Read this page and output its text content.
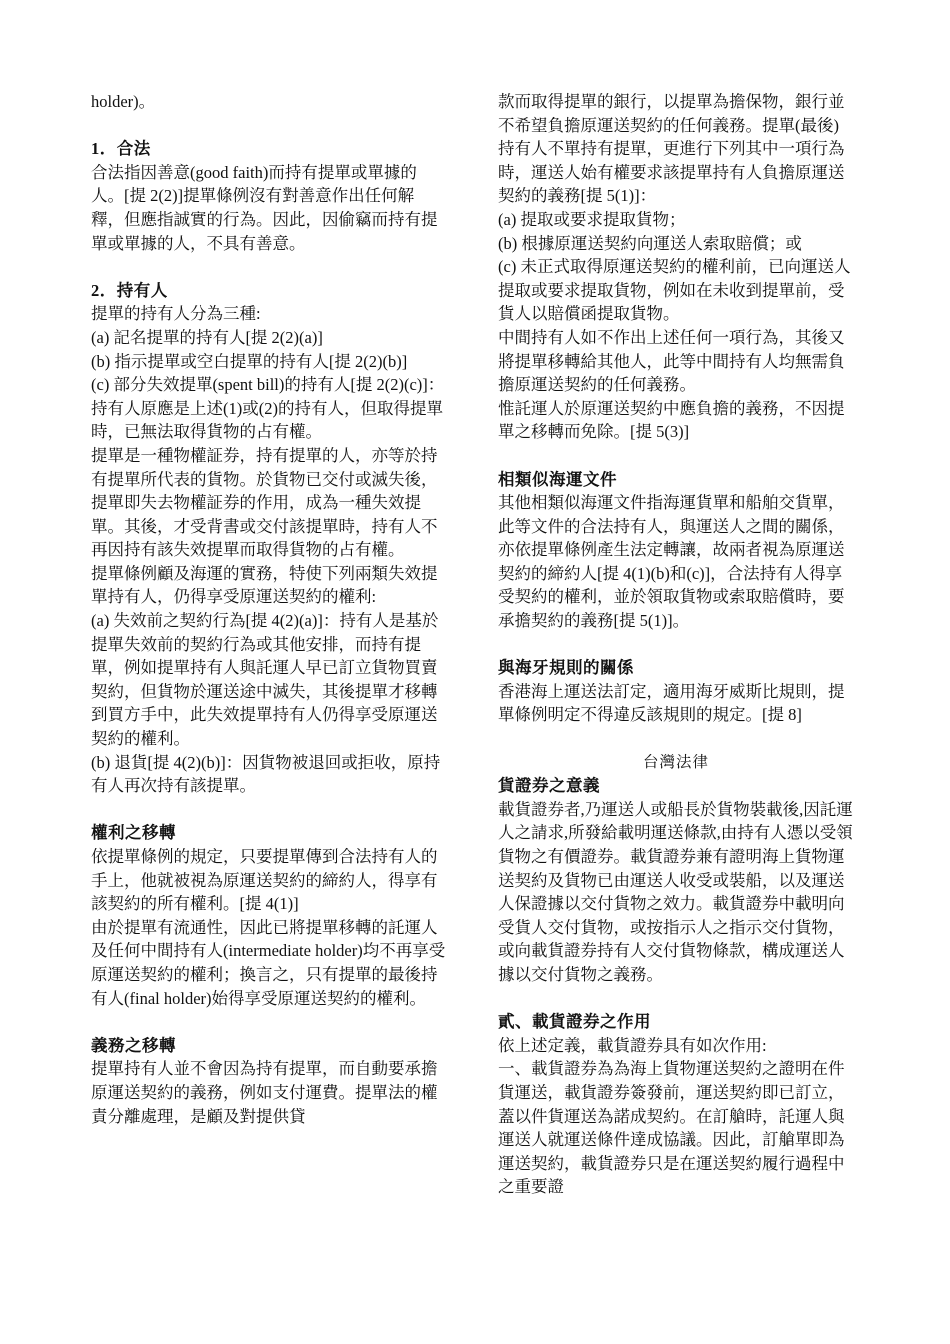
holder)。

1．合法

合法指因善意(good faith)而持有提單或單據的人。[提 2(2)]提單條例沒有對善意作出任何解釋，但應指誠實的行為。因此，因偷竊而持有提單或單據的人，不具有善意。

2．持有人

提單的持有人分為三種:

(a) 記名提單的持有人[提 2(2)(a)]

(b) 指示提單或空白提單的持有人[提 2(2)(b)]

(c) 部分失效提單(spent bill)的持有人[提 2(2)(c)]：持有人原應是上述(1)或(2)的持有人，但取得提單時，已無法取得貨物的占有權。

提單是一種物權証券，持有提單的人，亦等於持有提單所代表的貨物。於貨物已交付或滅失後，提單即失去物權証券的作用，成為一種失效提單。其後，才受背書或交付該提單時，持有人不再因持有該失效提單而取得貨物的占有權。

提單條例顧及海運的實務，特使下列兩類失效提單持有人，仍得享受原運送契約的權利:

(a) 失效前之契約行為[提 4(2)(a)]：持有人是基於提單失效前的契約行為或其他安排，而持有提單，例如提單持有人與託運人早已訂立貨物買賣契約，但貨物於運送途中滅失，其後提單才移轉到買方手中，此失效提單持有人仍得享受原運送契約的權利。

(b) 退貨[提 4(2)(b)]：因貨物被退回或拒收，原持有人再次持有該提單。

權利之移轉

依提單條例的規定，只要提單傳到合法持有人的手上，他就被視為原運送契約的締約人，得享有該契約的所有權利。[提 4(1)]

由於提單有流通性，因此已將提單移轉的託運人及任何中間持有人(intermediate holder)均不再享受原運送契約的權利；換言之，只有提單的最後持有人(final holder)始得享受原運送契約的權利。

義務之移轉

提單持有人並不會因為持有提單，而自動要承擔原運送契約的義務，例如支付運費。提單法的權責分離處理，是顧及對提供貸

款而取得提單的銀行，以提單為擔保物，銀行並不希望負擔原運送契約的任何義務。提單(最後)持有人不單持有提單，更進行下列其中一項行為時，運送人始有權要求該提單持有人負擔原運送契約的義務[提 5(1)]：

(a) 提取或要求提取貨物；

(b) 根據原運送契約向運送人索取賠償；或

(c) 未正式取得原運送契約的權利前，已向運送人提取或要求提取貨物，例如在未收到提單前，受貨人以賠償函提取貨物。

中間持有人如不作出上述任何一項行為，其後又將提單移轉給其他人，此等中間持有人均無需負擔原運送契約的任何義務。

惟託運人於原運送契約中應負擔的義務，不因提單之移轉而免除。[提 5(3)]

相類似海運文件

其他相類似海運文件指海運貨單和船舶交貨單，此等文件的合法持有人，與運送人之間的關係，亦依提單條例產生法定轉讓，故兩者視為原運送契約的締約人[提 4(1)(b)和(c)]，合法持有人得享受契約的權利，並於領取貨物或索取賠償時，要承擔契約的義務[提 5(1)]。

與海牙規則的關係

香港海上運送法訂定，適用海牙威斯比規則，提單條例明定不得違反該規則的規定。[提 8]

台灣法律

貨證券之意義

載貨證券者,乃運送人或船長於貨物裝載後,因託運人之請求,所發給載明運送條款,由持有人憑以受領貨物之有價證券。載貨證券兼有證明海上貨物運送契約及貨物已由運送人收受或裝船，以及運送人保證據以交付貨物之效力。載貨證券中載明向受貨人交付貨物，或按指示人之指示交付貨物，或向載貨證券持有人交付貨物條款，構成運送人據以交付貨物之義務。

貳、載貨證券之作用

依上述定義，載貨證券具有如次作用:

一、載貨證券為為海上貨物運送契約之證明在件貨運送，載貨證券簽發前，運送契約即已訂立，蓋以件貨運送為諾成契約。在訂艙時，託運人與運送人就運送條件達成協議。因此，訂艙單即為運送契約，載貨證券只是在運送契約履行過程中之重要證
